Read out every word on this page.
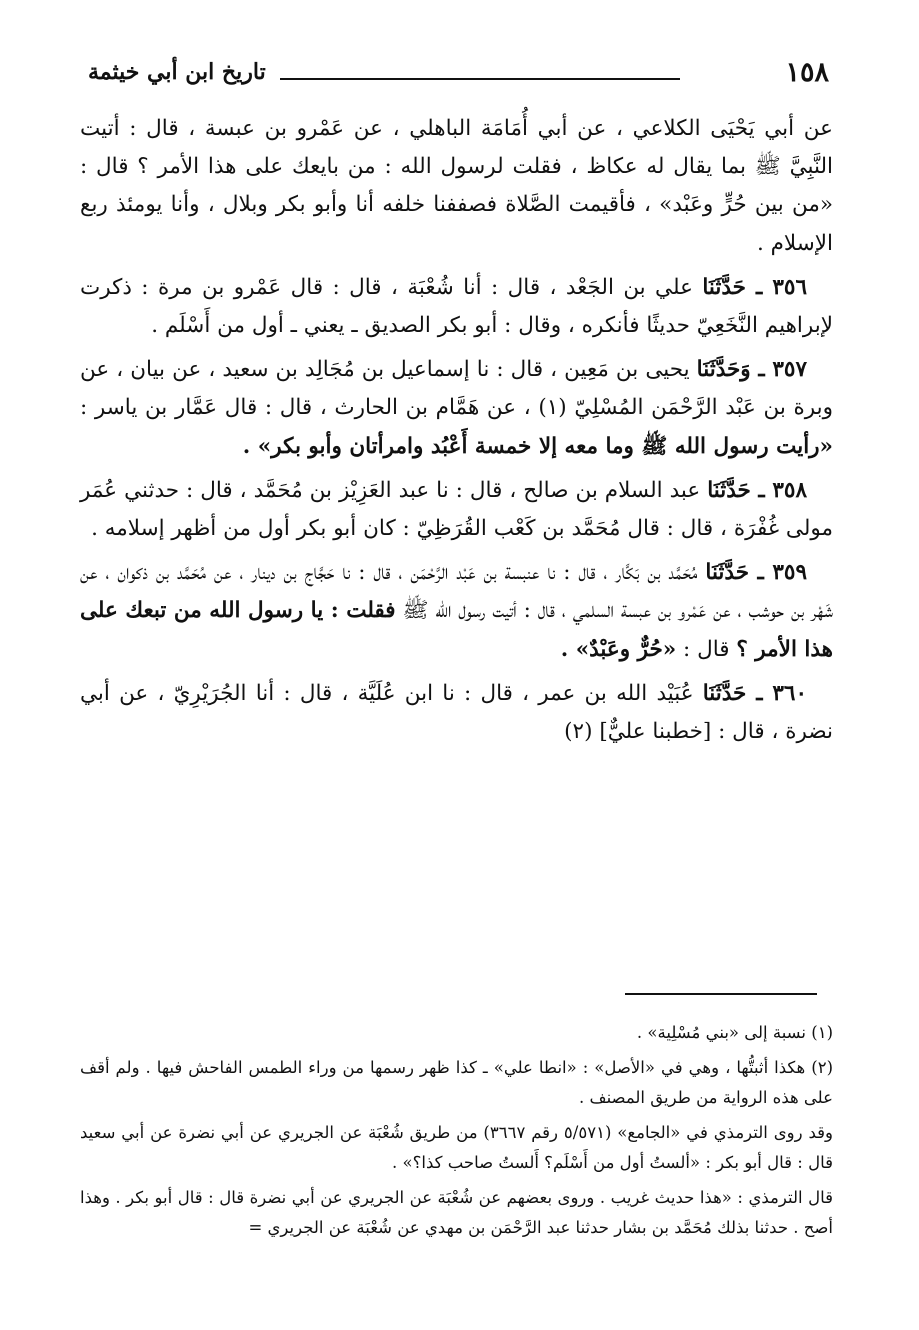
١٥٨
تاريخ ابن أبي خيثمة

عن أبي يَحْيَى الكلاعي ، عن أبي أُمَامَة الباهلي ، عن عَمْرو بن عبسة ، قال : أتيت النَّبِيَّ ﷺ بما يقال له عكاظ ، فقلت لرسول الله : من بايعك على هذا الأمر ؟ قال : «من بين حُرٍّ وعَبْد» ، فأقيمت الصَّلاة فصففنا خلفه أنا وأبو بكر وبلال ، وأنا يومئذ ربع الإسلام .

٣٥٦ ـ حَدَّثَنَا علي بن الجَعْد ، قال : أنا شُعْبَة ، قال : قال عَمْرو بن مرة : ذكرت لإبراهيم النَّخَعِيّ حديثًا فأنكره ، وقال : أبو بكر الصديق ـ يعني ـ أول من أَسْلَم .

٣٥٧ ـ وَحَدَّثَنَا يحيى بن مَعِين ، قال : نا إسماعيل بن مُجَالِد بن سعيد ، عن بيان ، عن وبرة بن عَبْد الرَّحْمَن المُسْلِيّ (١) ، عن هَمَّام بن الحارث ، قال : قال عَمَّار بن ياسر : «رأيت رسول الله ﷺ وما معه إلا خمسة أَعْبُد وامرأتان وأبو بكر» .

٣٥٨ ـ حَدَّثَنَا عبد السلام بن صالح ، قال : نا عبد العَزِيْز بن مُحَمَّد ، قال : حدثني عُمَر مولى غُفْرَة ، قال : قال مُحَمَّد بن كَعْب القُرَظِيّ : كان أبو بكر أول من أظهر إسلامه .

٣٥٩ ـ حَدَّثَنَا مُحَمَّد بن بَكَّار ، قال : نا عنبسة بن عَبْد الرَّحْمَن ، قال : نا حَجَّاج بن دينار ، عن مُحَمَّد بن ذكوان ، عن شَهْر بن حوشب ، عن عَمْرو بن عبسة السلمي ، قال : أتيت رسول الله ﷺ فقلت : يا رسول الله من تبعك على هذا الأمر ؟ قال : «حُرٌّ وعَبْدٌ» .

٣٦٠ ـ حَدَّثَنَا عُبَيْد الله بن عمر ، قال : نا ابن عُلَيَّة ، قال : أنا الجُرَيْرِيّ ، عن أبي نضرة ، قال : [خطبنا عليٌّ] (٢)

(١) نسبة إلى «بني مُسْلِية» .

(٢) هكذا أثبتُّها ، وهي في «الأصل» : «انطا علي» ـ كذا ظهر رسمها من وراء الطمس الفاحش فيها . ولم أقف على هذه الرواية من طريق المصنف .

وقد روى الترمذي في «الجامع» (٥/٥٧١ رقم ٣٦٦٧) من طريق شُعْبَة عن الجريري عن أبي نضرة عن أبي سعيد قال : قال أبو بكر : «ألستُ أول من أَسْلَم؟ أَلستُ صاحب كذا؟» .

قال الترمذي : «هذا حديث غريب . وروى بعضهم عن شُعْبَة عن الجريري عن أبي نضرة قال : قال أبو بكر . وهذا أصح . حدثنا بذلك مُحَمَّد بن بشار حدثنا عبد الرَّحْمَن بن مهدي عن شُعْبَة عن الجريري =
